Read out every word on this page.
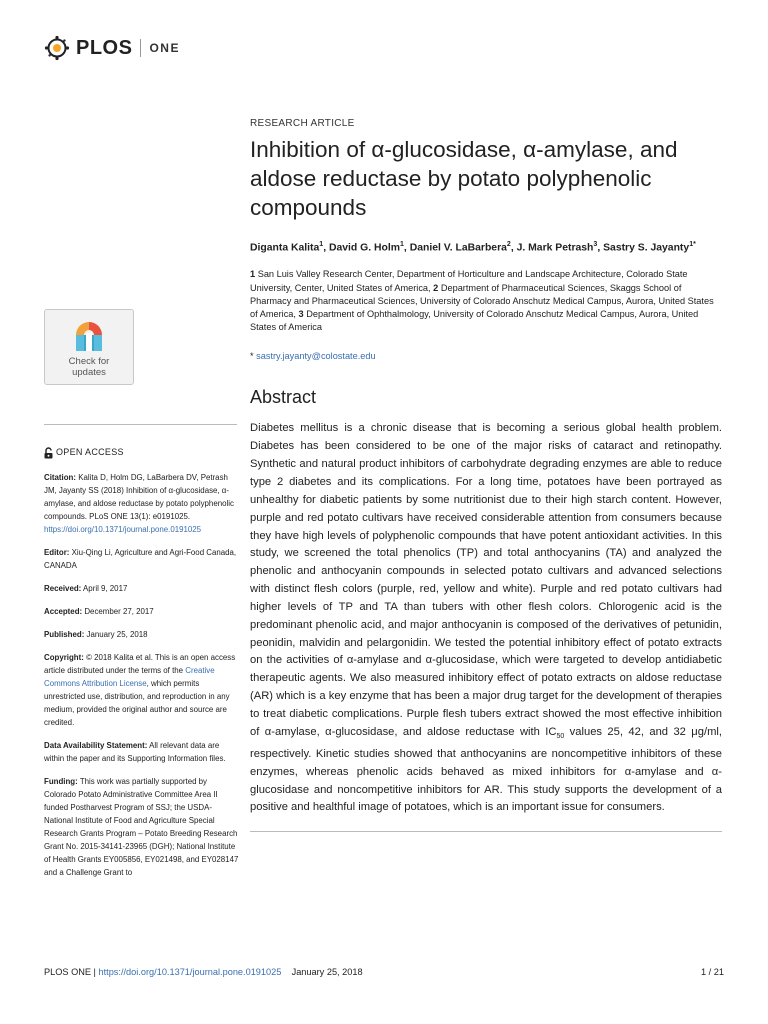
PLOS ONE
Check for
updates
OPEN ACCESS

Citation: Kalita D, Holm DG, LaBarbera DV, Petrash JM, Jayanty SS (2018) Inhibition of α-glucosidase, α-amylase, and aldose reductase by potato polyphenolic compounds. PLoS ONE 13(1): e0191025. https://doi.org/10.1371/journal.pone.0191025

Editor: Xiu-Qing Li, Agriculture and Agri-Food Canada, CANADA

Received: April 9, 2017

Accepted: December 27, 2017

Published: January 25, 2018

Copyright: © 2018 Kalita et al. This is an open access article distributed under the terms of the Creative Commons Attribution License, which permits unrestricted use, distribution, and reproduction in any medium, provided the original author and source are credited.

Data Availability Statement: All relevant data are within the paper and its Supporting Information files.

Funding: This work was partially supported by Colorado Potato Administrative Committee Area II funded Postharvest Program of SSJ; the USDA-National Institute of Food and Agriculture Special Research Grants Program – Potato Breeding Research Grant No. 2015-34141-23965 (DGH); National Institute of Health Grants EY005856, EY021498, and EY028147 and a Challenge Grant to

RESEARCH ARTICLE
Inhibition of α-glucosidase, α-amylase, and aldose reductase by potato polyphenolic compounds
Diganta Kalita$^1$, David G. Holm$^1$, Daniel V. LaBarbera$^2$, J. Mark Petrash$^3$, Sastry S. Jayanty$^{1*}$
1 San Luis Valley Research Center, Department of Horticulture and Landscape Architecture, Colorado State University, Center, United States of America, 2 Department of Pharmaceutical Sciences, Skaggs School of Pharmacy and Pharmaceutical Sciences, University of Colorado Anschutz Medical Campus, Aurora, United States of America, 3 Department of Ophthalmology, University of Colorado Anschutz Medical Campus, Aurora, United States of America
* sastry.jayanty@colostate.edu
Abstract
Diabetes mellitus is a chronic disease that is becoming a serious global health problem. Diabetes has been considered to be one of the major risks of cataract and retinopathy. Synthetic and natural product inhibitors of carbohydrate degrading enzymes are able to reduce type 2 diabetes and its complications. For a long time, potatoes have been portrayed as unhealthy for diabetic patients by some nutritionist due to their high starch content. However, purple and red potato cultivars have received considerable attention from consumers because they have high levels of polyphenolic compounds that have potent antioxidant activities. In this study, we screened the total phenolics (TP) and total anthocyanins (TA) and analyzed the phenolic and anthocyanin compounds in selected potato cultivars and advanced selections with distinct flesh colors (purple, red, yellow and white). Purple and red potato cultivars had higher levels of TP and TA than tubers with other flesh colors. Chlorogenic acid is the predominant phenolic acid, and major anthocyanin is composed of the derivatives of petunidin, peonidin, malvidin and pelargonidin. We tested the potential inhibitory effect of potato extracts on the activities of α-amylase and α-glucosidase, which were targeted to develop antidiabetic therapeutic agents. We also measured inhibitory effect of potato extracts on aldose reductase (AR) which is a key enzyme that has been a major drug target for the development of therapies to treat diabetic complications. Purple flesh tubers extract showed the most effective inhibition of α-amylase, α-glucosidase, and aldose reductase with $IC_{50}$ values 25, 42, and 32 μg/ml, respectively. Kinetic studies showed that anthocyanins are noncompetitive inhibitors of these enzymes, whereas phenolic acids behaved as mixed inhibitors for α-amylase and α-glucosidase and noncompetitive inhibitors for AR. This study supports the development of a positive and healthful image of potatoes, which is an important issue for consumers.
PLOS ONE | https://doi.org/10.1371/journal.pone.0191025 January 25, 2018	1 / 21
